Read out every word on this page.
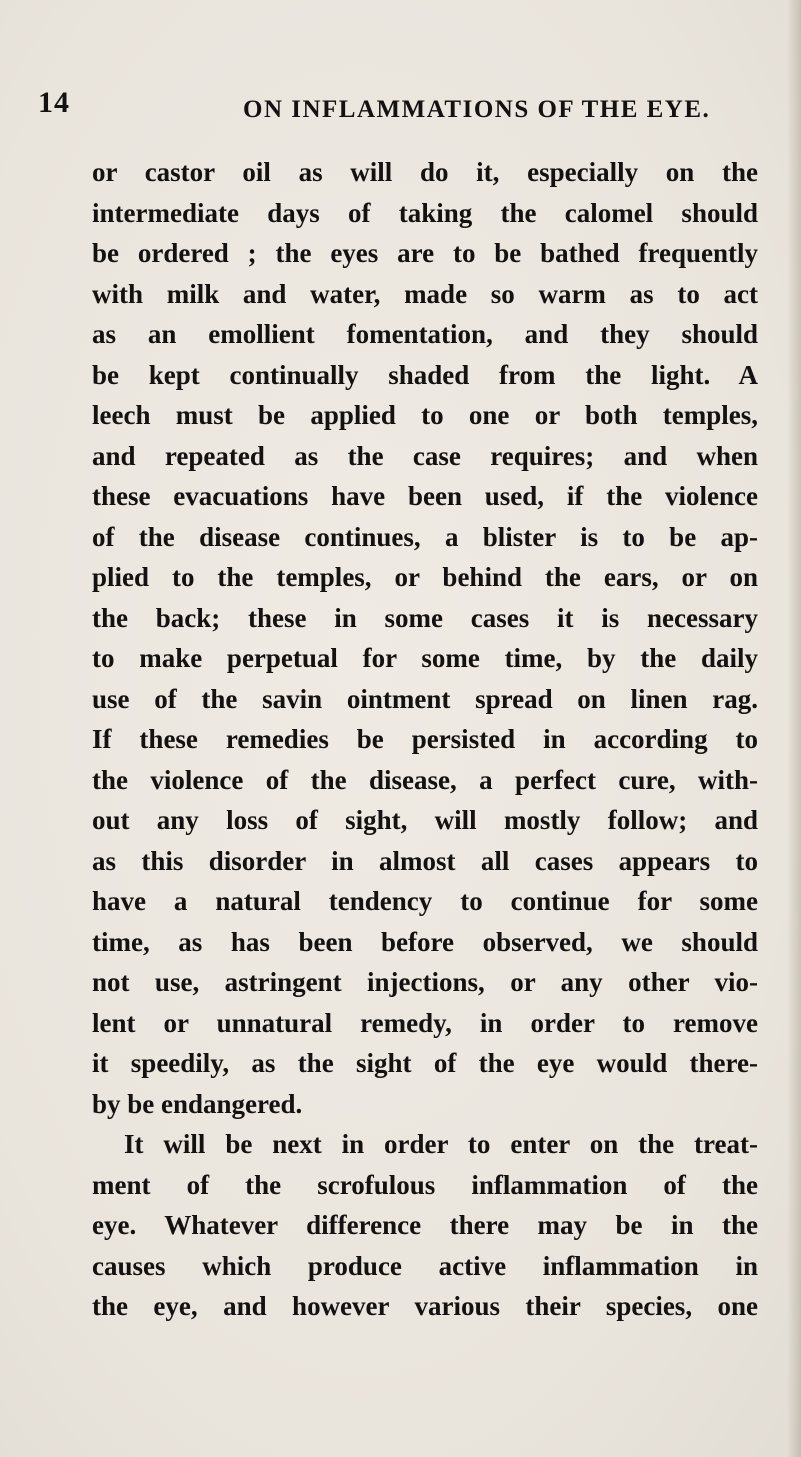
14	ON INFLAMMATIONS OF THE EYE.
or castor oil as will do it, especially on the
intermediate days of taking the calomel should
be ordered ; the eyes are to be bathed frequently
with milk and water, made so warm as to act
as an emollient fomentation, and they should
be kept continually shaded from the light. A
leech must be applied to one or both temples,
and repeated as the case requires; and when
these evacuations have been used, if the violence
of the disease continues, a blister is to be ap-
plied to the temples, or behind the ears, or on
the back; these in some cases it is necessary
to make perpetual for some time, by the daily
use of the savin ointment spread on linen rag.
If these remedies be persisted in according to
the violence of the disease, a perfect cure, with-
out any loss of sight, will mostly follow; and
as this disorder in almost all cases appears to
have a natural tendency to continue for some
time, as has been before observed, we should
not use, astringent injections, or any other vio-
lent or unnatural remedy, in order to remove
it speedily, as the sight of the eye would there-
by be endangered.
It will be next in order to enter on the treat-
ment of the scrofulous inflammation of the
eye. Whatever difference there may be in the
causes which produce active inflammation in
the eye, and however various their species, one
